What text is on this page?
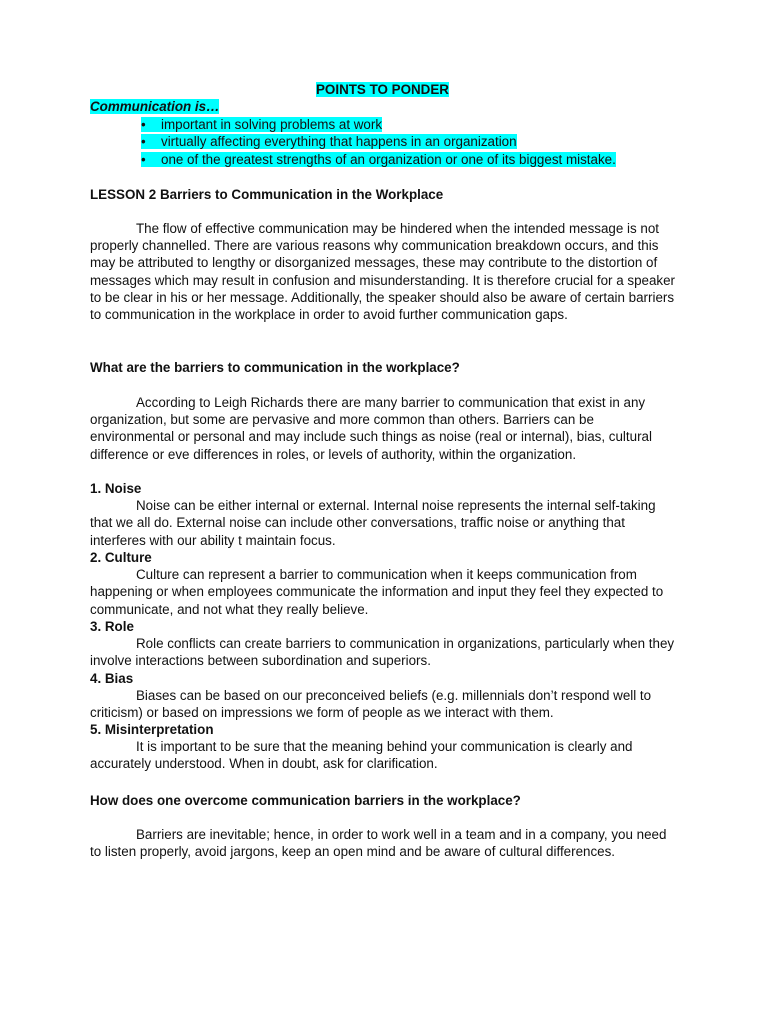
POINTS TO PONDER
Communication is…
• important in solving problems at work
• virtually affecting everything that happens in an organization
• one of the greatest strengths of an organization or one of its biggest mistake.
LESSON 2 Barriers to Communication in the Workplace

The flow of effective communication may be hindered when the intended message is not properly channelled. There are various reasons why communication breakdown occurs, and this may be attributed to lengthy or disorganized messages, these may contribute to the distortion of messages which may result in confusion and misunderstanding. It is therefore crucial for a speaker to be clear in his or her message. Additionally, the speaker should also be aware of certain barriers to communication in the workplace in order to avoid further communication gaps.

What are the barriers to communication in the workplace?

According to Leigh Richards there are many barrier to communication that exist in any organization, but some are pervasive and more common than others. Barriers can be environmental or personal and may include such things as noise (real or internal), bias, cultural difference or eve differences in roles, or levels of authority, within the organization.

1. Noise

Noise can be either internal or external. Internal noise represents the internal self-taking that we all do. External noise can include other conversations, traffic noise or anything that interferes with our ability t maintain focus.

2. Culture

Culture can represent a barrier to communication when it keeps communication from happening or when employees communicate the information and input they feel they expected to communicate, and not what they really believe.

3. Role

Role conflicts can create barriers to communication in organizations, particularly when they involve interactions between subordination and superiors.

4. Bias

Biases can be based on our preconceived beliefs (e.g. millennials don’t respond well to criticism) or based on impressions we form of people as we interact with them.

5. Misinterpretation

It is important to be sure that the meaning behind your communication is clearly and accurately understood. When in doubt, ask for clarification.

How does one overcome communication barriers in the workplace?

Barriers are inevitable; hence, in order to work well in a team and in a company, you need to listen properly, avoid jargons, keep an open mind and be aware of cultural differences.
